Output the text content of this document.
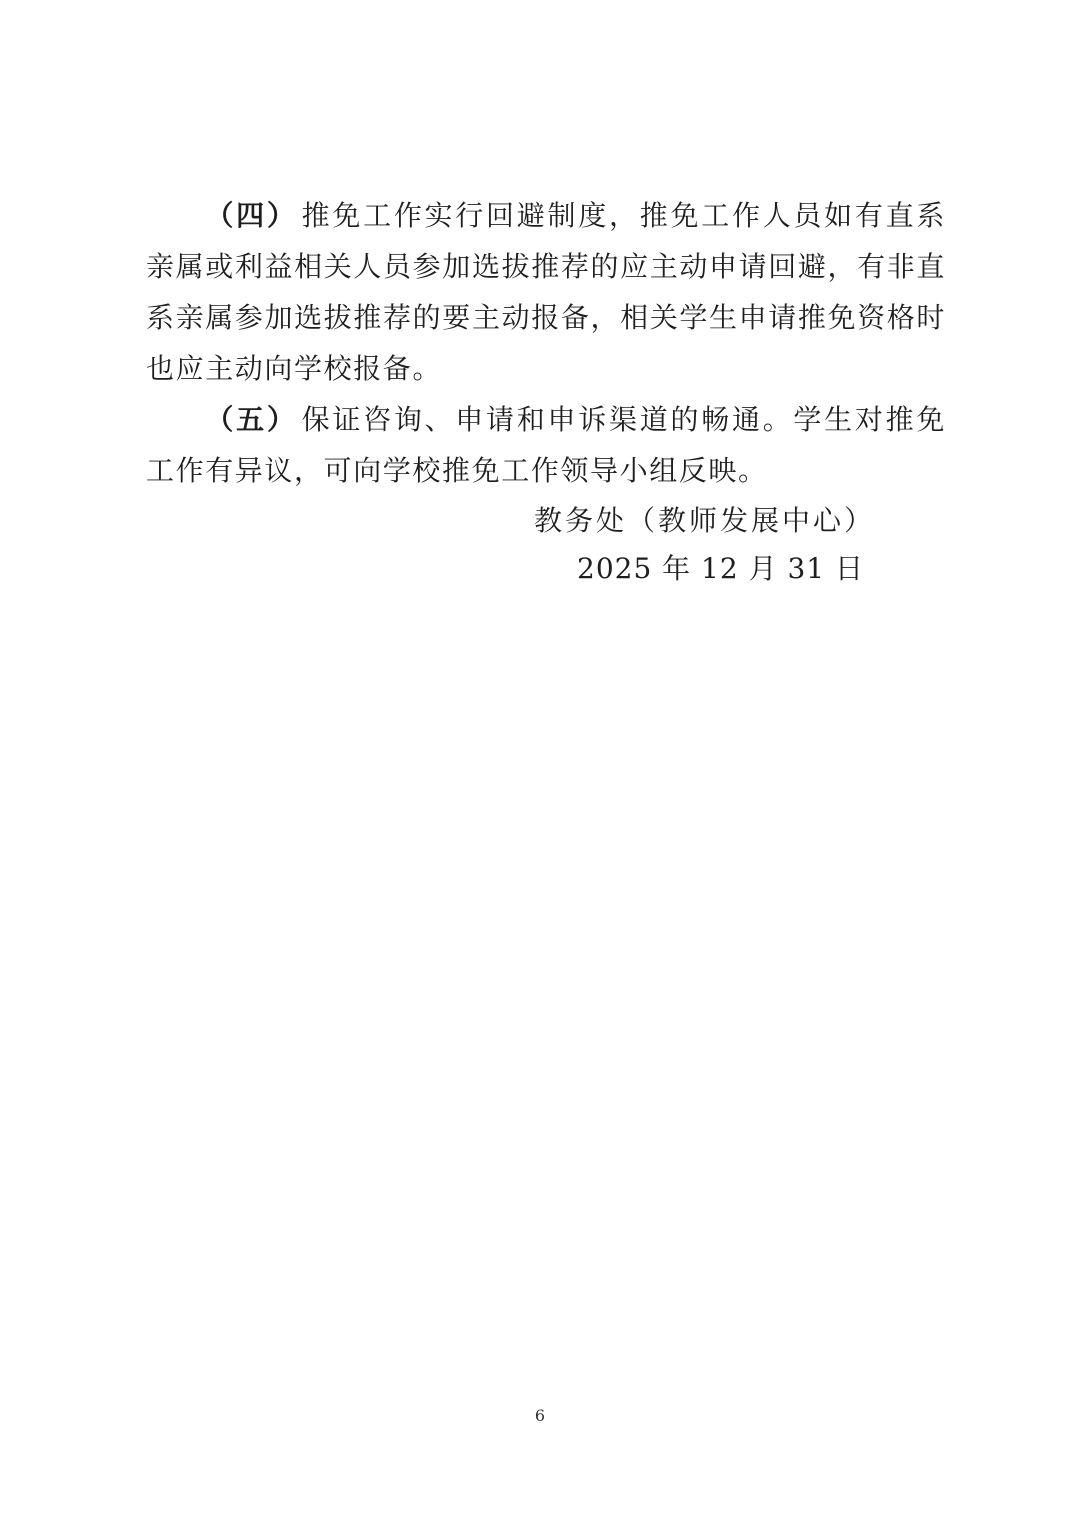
（四） 推免工作实行回避制度，推免工作人员如有直系亲属或利益相关人员参加选拔推荐的应主动申请回避，有非直系亲属参加选拔推荐的要主动报备，相关学生申请推免资格时也应主动向学校报备。

（五） 保证咨询、申请和申诉渠道的畅通。学生对推免工作有异议，可向学校推免工作领导小组反映。

教务处（教师发展中心）
2025 年 12 月 31 日
6
